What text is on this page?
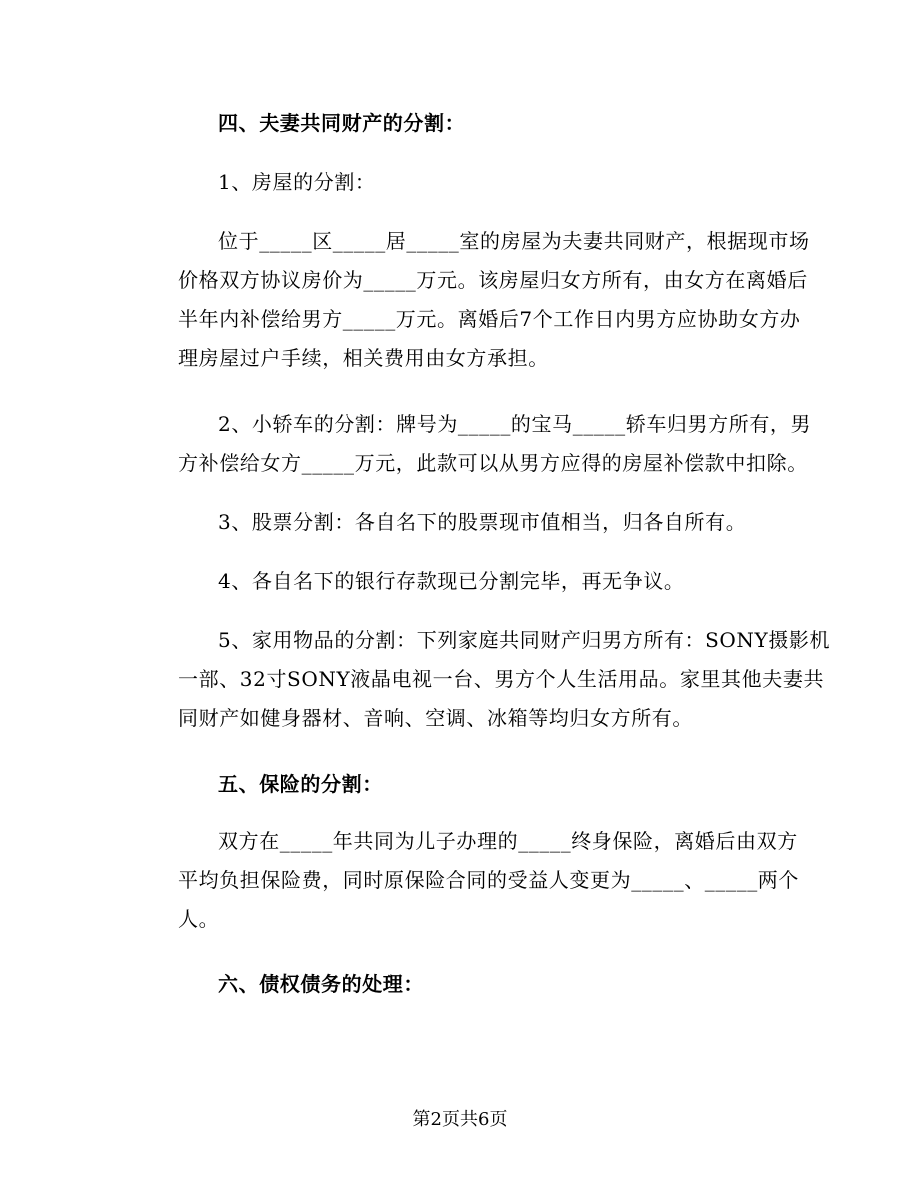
四、夫妻共同财产的分割：
1、房屋的分割：
位于_____区_____居_____室的房屋为夫妻共同财产，根据现市场
价格双方协议房价为_____万元。该房屋归女方所有，由女方在离婚后
半年内补偿给男方_____万元。离婚后7个工作日内男方应协助女方办
理房屋过户手续，相关费用由女方承担。
2、小轿车的分割：牌号为_____的宝马_____轿车归男方所有，男
方补偿给女方_____万元，此款可以从男方应得的房屋补偿款中扣除。
3、股票分割：各自名下的股票现市值相当，归各自所有。
4、各自名下的银行存款现已分割完毕，再无争议。
5、家用物品的分割：下列家庭共同财产归男方所有：SONY摄影机
一部、32寸SONY液晶电视一台、男方个人生活用品。家里其他夫妻共
同财产如健身器材、音响、空调、冰箱等均归女方所有。
五、保险的分割：
双方在_____年共同为儿子办理的_____终身保险，离婚后由双方
平均负担保险费，同时原保险合同的受益人变更为_____、_____两个
人。
六、债权债务的处理：
第2页共6页
